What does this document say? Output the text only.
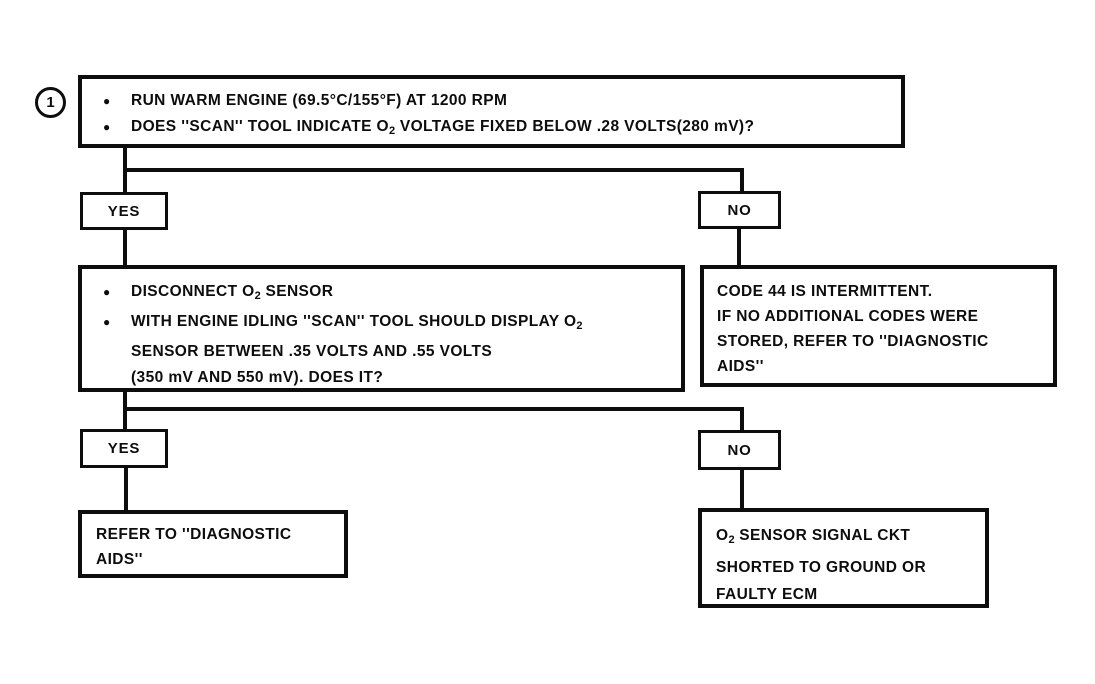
1	●	RUN WARM ENGINE (69.5°C/155°F) AT 1200 RPM
●	DOES ''SCAN'' TOOL INDICATE $O_2$ VOLTAGE FIXED BELOW .28 VOLTS(280 mV)?
YES	NO
●	DISCONNECT $O_2$ SENSOR
●	WITH ENGINE IDLING ''SCAN'' TOOL SHOULD DISPLAY $O_2$
SENSOR BETWEEN .35 VOLTS AND .55 VOLTS
(350 mV AND 550 mV). DOES IT?
CODE 44 IS INTERMITTENT.
IF NO ADDITIONAL CODES WERE
STORED, REFER TO ''DIAGNOSTIC
AIDS''
YES	NO
REFER TO ''DIAGNOSTIC
AIDS''
$O_2$ SENSOR SIGNAL CKT
SHORTED TO GROUND OR
FAULTY ECM
